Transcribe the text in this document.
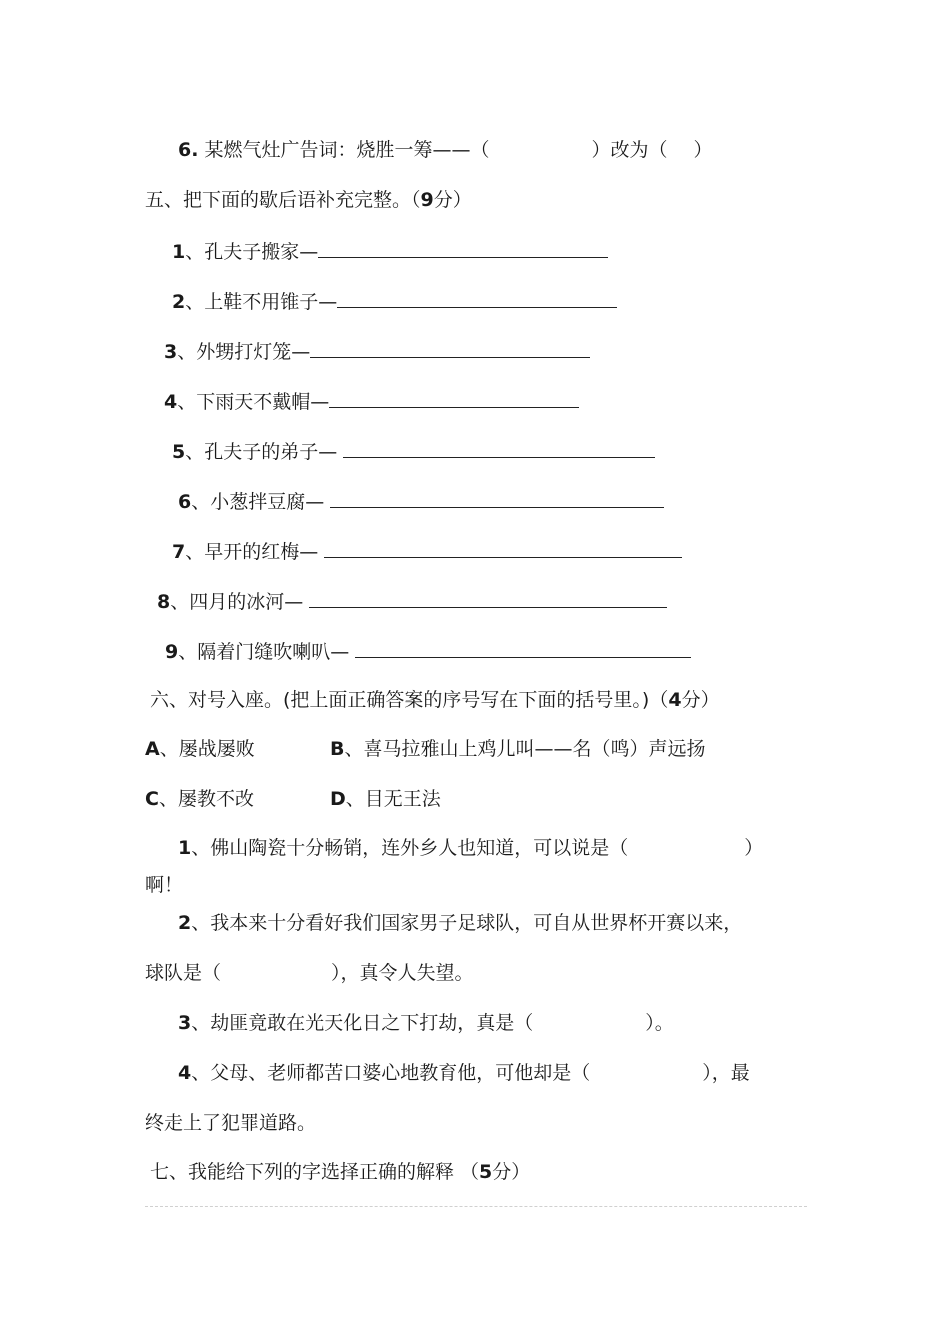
6. 某燃气灶广告词：烧胜一筹——（	）改为（ ）
五、把下面的歇后语补充完整。（9分）
1、孔夫子搬家—
2、上鞋不用锥子—
3、外甥打灯笼—
4、下雨天不戴帽—
5、孔夫子的弟子—
6、小葱拌豆腐—
7、早开的红梅—
8、四月的冰河—
9、隔着门缝吹喇叭—
六、对号入座。(把上面正确答案的序号写在下面的括号里。)（4分）
A、屡战屡败	B、喜马拉雅山上鸡儿叫——名（鸣）声远扬
C、屡教不改	D、目无王法
1、佛山陶瓷十分畅销，连外乡人也知道，可以说是（	）
啊！
2、我本来十分看好我们国家男子足球队，可自从世界杯开赛以来，
球队是（	），真令人失望。
3、劫匪竟敢在光天化日之下打劫，真是（	）。
4、父母、老师都苦口婆心地教育他，可他却是（	），最
终走上了犯罪道路。
七、我能给下列的字选择正确的解释 （5分）
